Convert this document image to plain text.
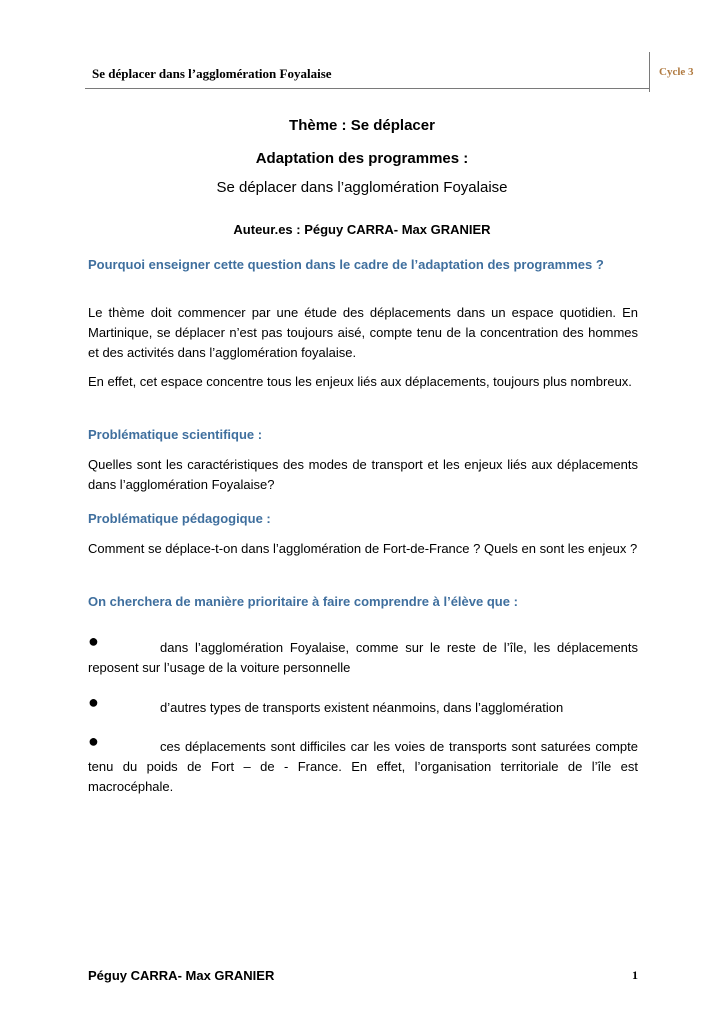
Se déplacer dans l’agglomération Foyalaise	Cycle 3
Thème : Se déplacer
Adaptation des programmes :
Se déplacer dans l’agglomération Foyalaise
Auteur.es : Péguy CARRA- Max GRANIER
Pourquoi enseigner cette question dans le cadre de l’adaptation des programmes ?
Le thème doit commencer par une étude des déplacements dans un espace quotidien. En Martinique, se déplacer n’est pas toujours aisé, compte tenu de la concentration des hommes et des activités dans l’agglomération foyalaise.
En effet, cet espace concentre tous les enjeux liés aux déplacements, toujours plus nombreux.
Problématique scientifique :
Quelles sont les caractéristiques des modes de transport et les enjeux liés aux déplacements dans l’agglomération Foyalaise?
Problématique pédagogique :
Comment se déplace-t-on dans l’agglomération de Fort-de-France ? Quels en sont les enjeux ?
On cherchera de manière prioritaire à faire comprendre à l’élève que :
●	dans l’agglomération Foyalaise, comme sur le reste de l’île, les déplacements reposent sur l’usage de la voiture personnelle
●	d’autres types de transports existent néanmoins, dans l’agglomération
●	ces déplacements sont difficiles car les voies de transports sont saturées compte tenu du poids de Fort – de - France. En effet, l’organisation territoriale de l’île est macrocéphale.
Péguy CARRA- Max GRANIER	1
